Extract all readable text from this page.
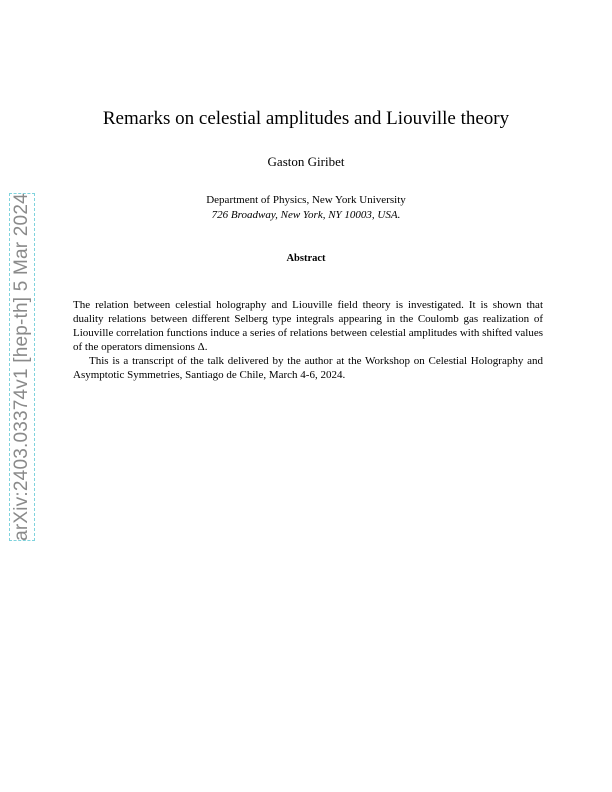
arXiv:2403.03374v1 [hep-th] 5 Mar 2024
Remarks on celestial amplitudes and Liouville theory
Gaston Giribet
Department of Physics, New York University
726 Broadway, New York, NY 10003, USA.
Abstract

The relation between celestial holography and Liouville field theory is investigated. It is shown that duality relations between different Selberg type integrals appearing in the Coulomb gas realization of Liouville correlation functions induce a series of relations between celestial amplitudes with shifted values of the operators dimensions Δ.

This is a transcript of the talk delivered by the author at the Workshop on Celestial Holography and Asymptotic Symmetries, Santiago de Chile, March 4-6, 2024.
